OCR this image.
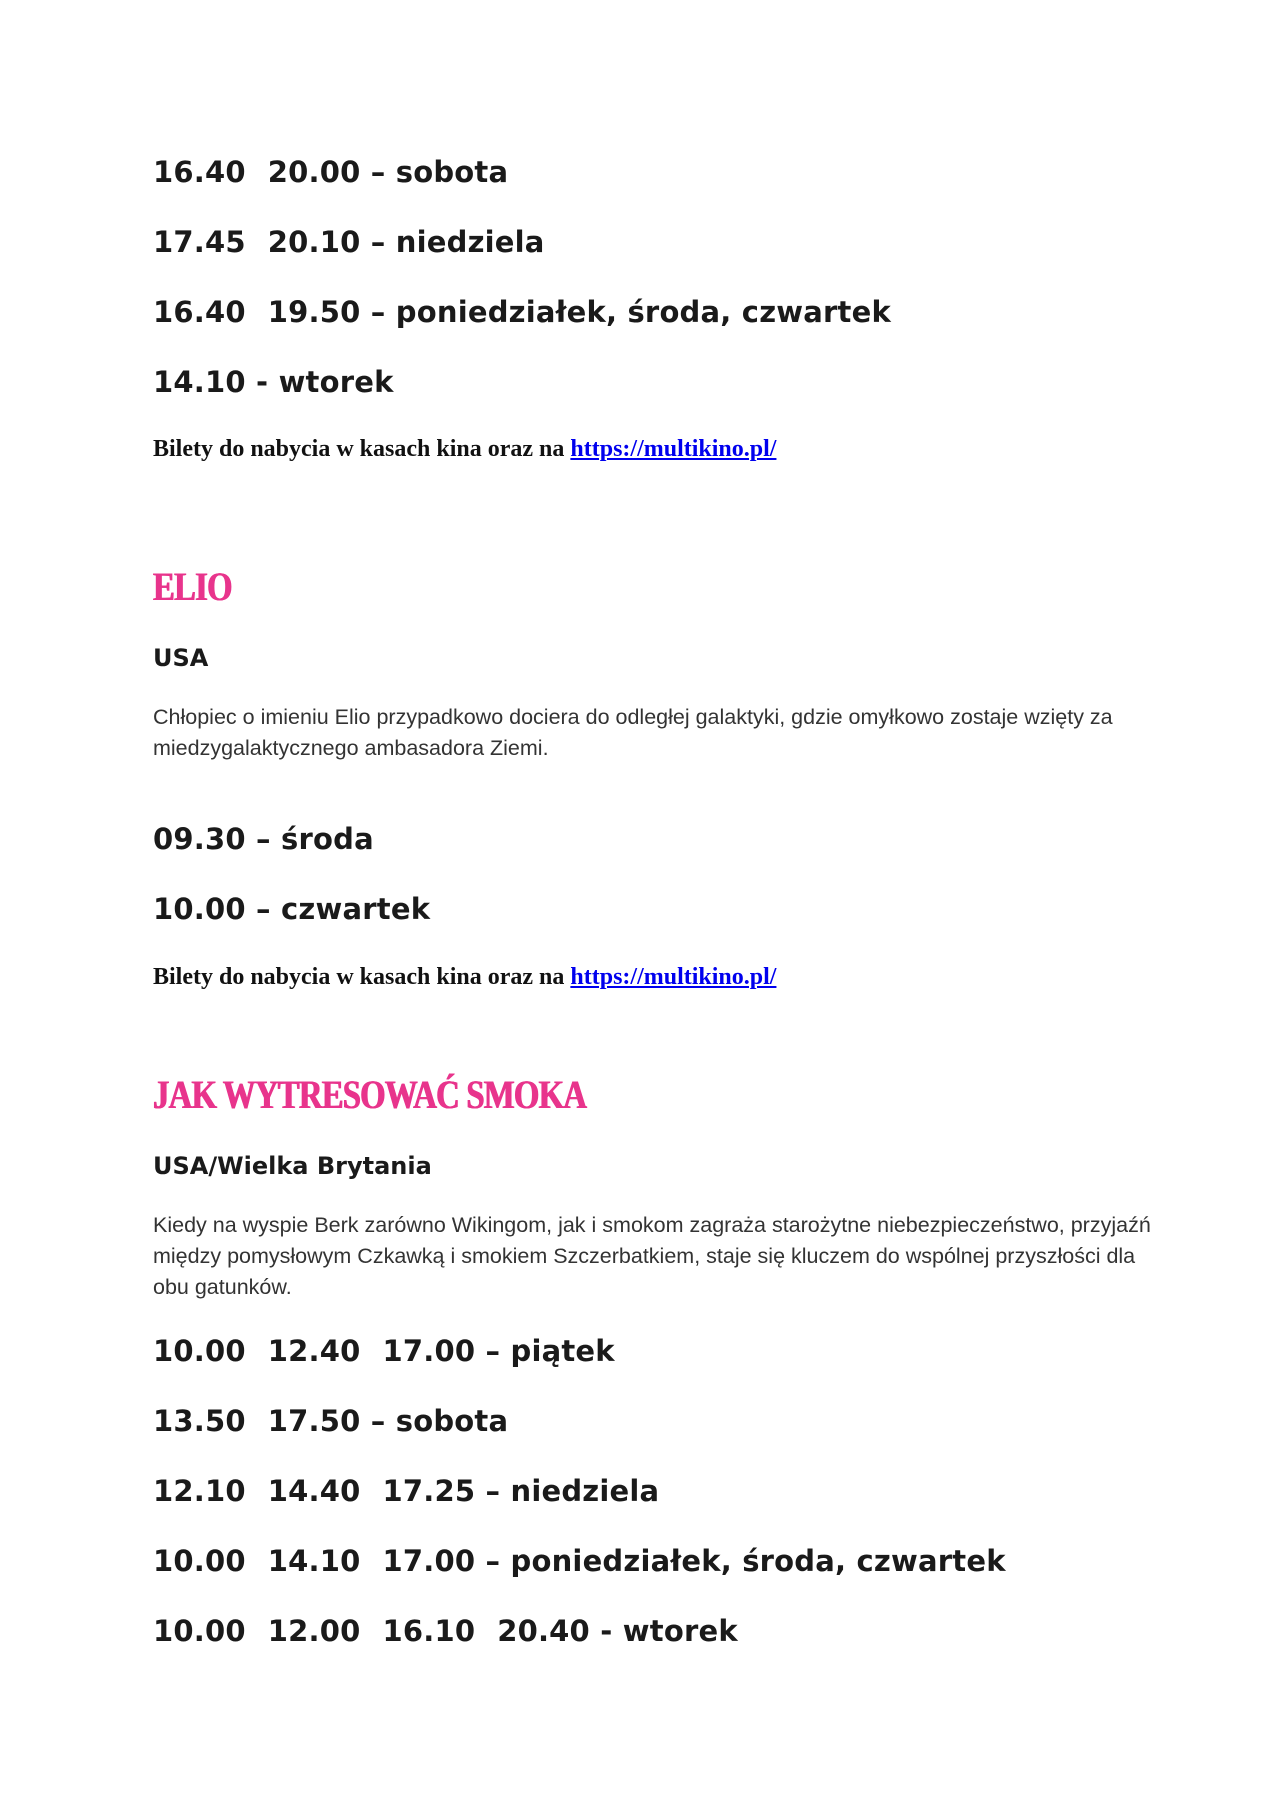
16.40 20.00 – sobota
17.45 20.10 – niedziela
16.40 19.50 – poniedziałek, środa, czwartek
14.10 - wtorek
Bilety do nabycia w kasach kina oraz na https://multikino.pl/
ELIO
USA
Chłopiec o imieniu Elio przypadkowo dociera do odległej galaktyki, gdzie omyłkowo zostaje wzięty za miedzygalaktycznego ambasadora Ziemi.
09.30 – środa
10.00 – czwartek
Bilety do nabycia w kasach kina oraz na https://multikino.pl/
JAK WYTRESOWAĆ SMOKA
USA/Wielka Brytania
Kiedy na wyspie Berk zarówno Wikingom, jak i smokom zagraża starożytne niebezpieczeństwo, przyjaźń między pomysłowym Czkawką i smokiem Szczerbatkiem, staje się kluczem do wspólnej przyszłości dla obu gatunków.
10.00 12.40 17.00 – piątek
13.50 17.50 – sobota
12.10 14.40 17.25 – niedziela
10.00 14.10 17.00 – poniedziałek, środa, czwartek
10.00 12.00 16.10 20.40 - wtorek
